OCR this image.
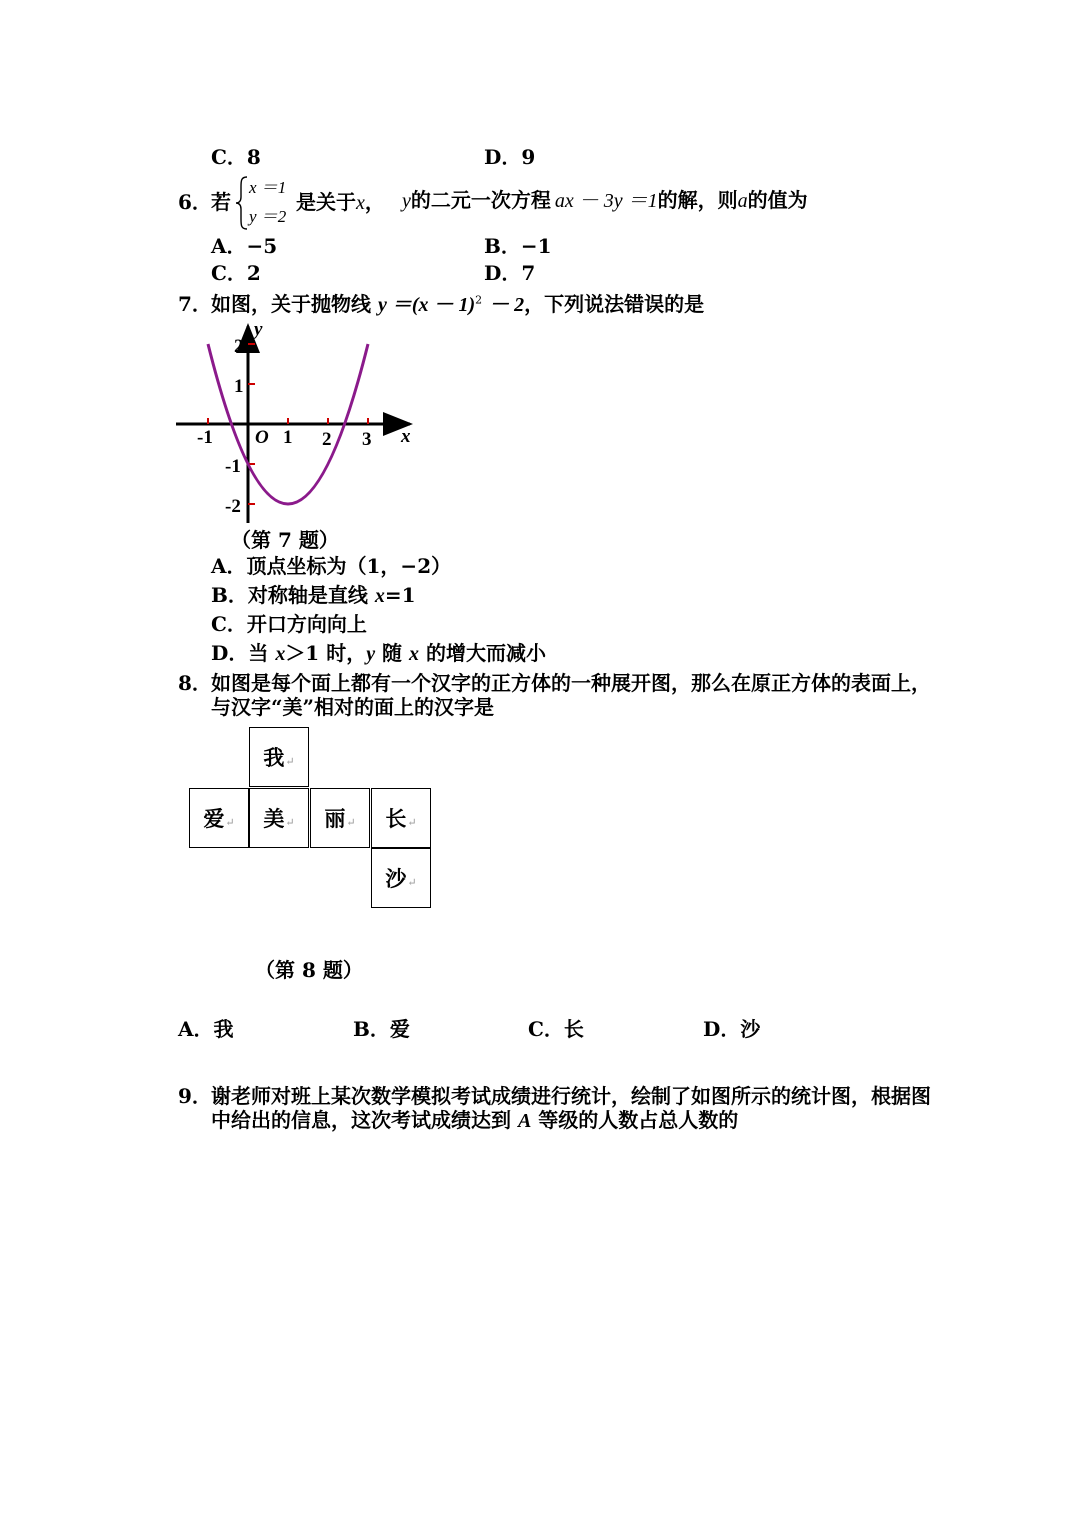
C．8	D．9
6． 若
x ＝1
y ＝2
是关于x， y的二元一次方程 ax － 3y ＝1的解，则a的值为
A．−5	B．−1
C．2	D．7
7． 如图，关于抛物线 $y =(x - 1)^2 - 2$，下列说法错误的是
-1	1 2 3
2
1
-1
-2
O	x
y
（第 7 题）
A．顶点坐标为（1，−2）
B．对称轴是直线 x=1
C．开口方向向上
D．当 x＞1 时，y 随 x 的增大而减小
8． 如图是每个面上都有一个汉字的正方体的一种展开图，那么在原正方体的表面上，
与汉字“美”相对的面上的汉字是
我 ↵
爱 ↵ 美 ↵ 丽 ↵ 长 ↵
沙 ↵
（第 8 题）
A．我	B．爱	C．长	D．沙
9． 谢老师对班上某次数学模拟考试成绩进行统计，绘制了如图所示的统计图，根据图
中给出的信息，这次考试成绩达到 A 等级的人数占总人数的
